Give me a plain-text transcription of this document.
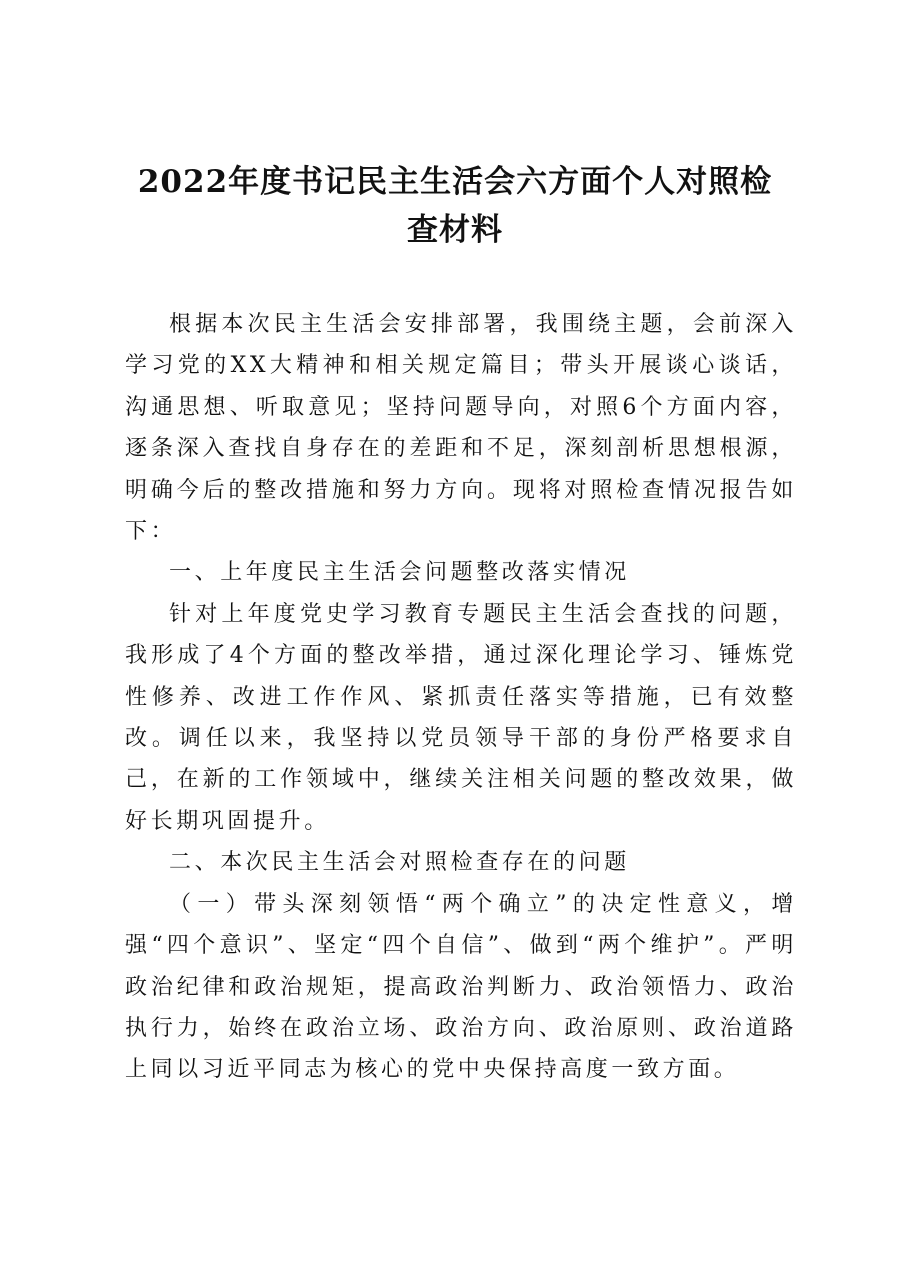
2022年度书记民主生活会六方面个人对照检
查材料

根据本次民主生活会安排部署，我围绕主题，会前深入学习党的XX大精神和相关规定篇目；带头开展谈心谈话，沟通思想、听取意见；坚持问题导向，对照6个方面内容，逐条深入查找自身存在的差距和不足，深刻剖析思想根源，明确今后的整改措施和努力方向。现将对照检查情况报告如下：

一、上年度民主生活会问题整改落实情况

针对上年度党史学习教育专题民主生活会查找的问题，我形成了4个方面的整改举措，通过深化理论学习、锤炼党性修养、改进工作作风、紧抓责任落实等措施，已有效整改。调任以来，我坚持以党员领导干部的身份严格要求自己，在新的工作领域中，继续关注相关问题的整改效果，做好长期巩固提升。

二、本次民主生活会对照检查存在的问题

（一）带头深刻领悟“两个确立”的决定性意义，增强“四个意识”、坚定“四个自信”、做到“两个维护”。严明政治纪律和政治规矩，提高政治判断力、政治领悟力、政治执行力，始终在政治立场、政治方向、政治原则、政治道路上同以习近平同志为核心的党中央保持高度一致方面。
